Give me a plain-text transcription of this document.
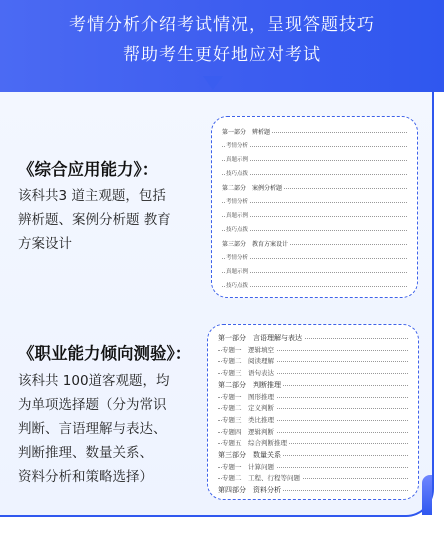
考情分析介绍考试情况，呈现答题技巧
帮助考生更好地应对考试
《综合应用能力》：
该科共3 道主观题，包括
辨析题、案例分析题 教育
方案设计
第一部分　辨析题
考情分析
真题示例
技巧点拨
第二部分　案例分析题
考情分析
真题示例
技巧点拨
第三部分　教育方案设计
考情分析
真题示例
技巧点拨
《职业能力倾向测验》：
该科共 100道客观题，均
为单项选择题（分为常识
判断、言语理解与表达、
判断推理、数量关系、
资料分析和策略选择）
第一部分　言语理解与表达
专题一　逻辑填空
专题二　阅读理解
专题三　语句表达
第二部分　判断推理
专题一　图形推理
专题二　定义判断
专题三　类比推理
专题四　逻辑判断
专题五　综合判断推理
第三部分　数量关系
专题一　计算问题
专题二　工程、行程等问题
第四部分　资料分析
